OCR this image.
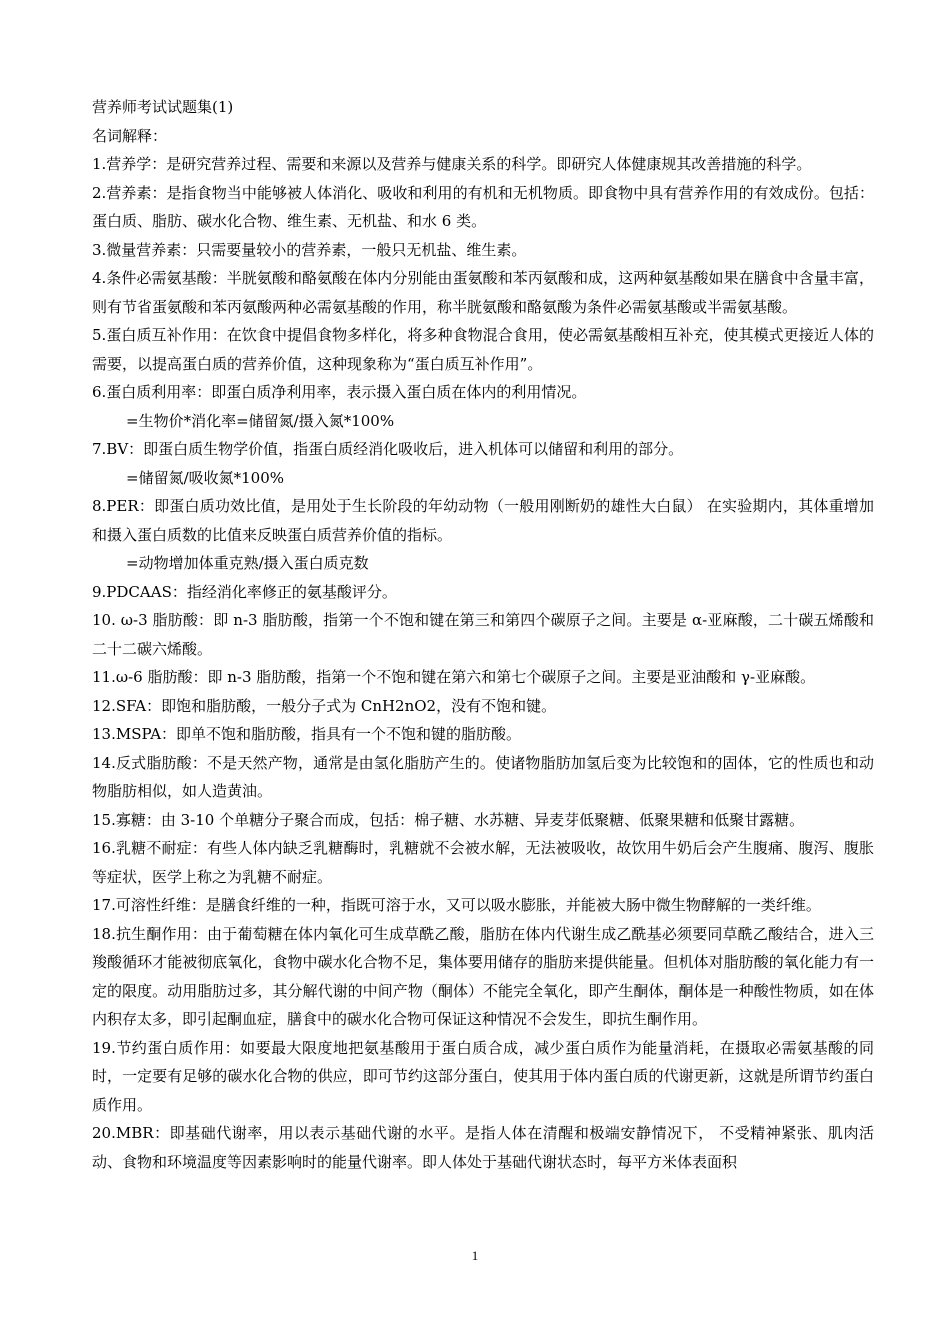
营养师考试试题集(1)

名词解释：

1.营养学：是研究营养过程、需要和来源以及营养与健康关系的科学。即研究人体健康规其改善措施的科学。

2.营养素：是指食物当中能够被人体消化、吸收和利用的有机和无机物质。即食物中具有营养作用的有效成份。包括：蛋白质、脂肪、碳水化合物、维生素、无机盐、和水 6 类。

3.微量营养素：只需要量较小的营养素，一般只无机盐、维生素。

4.条件必需氨基酸：半胱氨酸和酪氨酸在体内分别能由蛋氨酸和苯丙氨酸和成，这两种氨基酸如果在膳食中含量丰富，则有节省蛋氨酸和苯丙氨酸两种必需氨基酸的作用，称半胱氨酸和酪氨酸为条件必需氨基酸或半需氨基酸。

5.蛋白质互补作用：在饮食中提倡食物多样化，将多种食物混合食用，使必需氨基酸相互补充，使其模式更接近人体的需要，以提高蛋白质的营养价值，这种现象称为“蛋白质互补作用”。

6.蛋白质利用率：即蛋白质净利用率，表示摄入蛋白质在体内的利用情况。

=生物价*消化率=储留氮/摄入氮*100%

7.BV：即蛋白质生物学价值，指蛋白质经消化吸收后，进入机体可以储留和利用的部分。

=储留氮/吸收氮*100%

8.PER：即蛋白质功效比值，是用处于生长阶段的年幼动物（一般用刚断奶的雄性大白鼠） 在实验期内，其体重增加和摄入蛋白质数的比值来反映蛋白质营养价值的指标。

=动物增加体重克熟/摄入蛋白质克数

9.PDCAAS：指经消化率修正的氨基酸评分。

10. ω-3 脂肪酸：即 n-3 脂肪酸，指第一个不饱和键在第三和第四个碳原子之间。主要是 α-亚麻酸，二十碳五烯酸和二十二碳六烯酸。

11.ω-6 脂肪酸：即 n-3 脂肪酸，指第一个不饱和键在第六和第七个碳原子之间。主要是亚油酸和 γ-亚麻酸。

12.SFA：即饱和脂肪酸，一般分子式为 CnH2nO2，没有不饱和键。

13.MSPA：即单不饱和脂肪酸，指具有一个不饱和键的脂肪酸。

14.反式脂肪酸：不是天然产物，通常是由氢化脂肪产生的。使诸物脂肪加氢后变为比较饱和的固体，它的性质也和动物脂肪相似，如人造黄油。

15.寡糖：由 3-10 个单糖分子聚合而成，包括：棉子糖、水苏糖、异麦芽低聚糖、低聚果糖和低聚甘露糖。

16.乳糖不耐症：有些人体内缺乏乳糖酶时，乳糖就不会被水解，无法被吸收，故饮用牛奶后会产生腹痛、腹泻、腹胀等症状，医学上称之为乳糖不耐症。

17.可溶性纤维：是膳食纤维的一种，指既可溶于水，又可以吸水膨胀，并能被大肠中微生物酵解的一类纤维。

18.抗生酮作用：由于葡萄糖在体内氧化可生成草酰乙酸，脂肪在体内代谢生成乙酰基必须要同草酰乙酸结合，进入三羧酸循环才能被彻底氧化，食物中碳水化合物不足，集体要用储存的脂肪来提供能量。但机体对脂肪酸的氧化能力有一定的限度。动用脂肪过多，其分解代谢的中间产物（酮体）不能完全氧化，即产生酮体，酮体是一种酸性物质，如在体内积存太多，即引起酮血症，膳食中的碳水化合物可保证这种情况不会发生，即抗生酮作用。

19.节约蛋白质作用：如要最大限度地把氨基酸用于蛋白质合成，减少蛋白质作为能量消耗，在摄取必需氨基酸的同时，一定要有足够的碳水化合物的供应，即可节约这部分蛋白，使其用于体内蛋白质的代谢更新，这就是所谓节约蛋白质作用。

20.MBR：即基础代谢率，用以表示基础代谢的水平。是指人体在清醒和极端安静情况下， 不受精神紧张、肌肉活动、食物和环境温度等因素影响时的能量代谢率。即人体处于基础代谢状态时，每平方米体表面积

1
